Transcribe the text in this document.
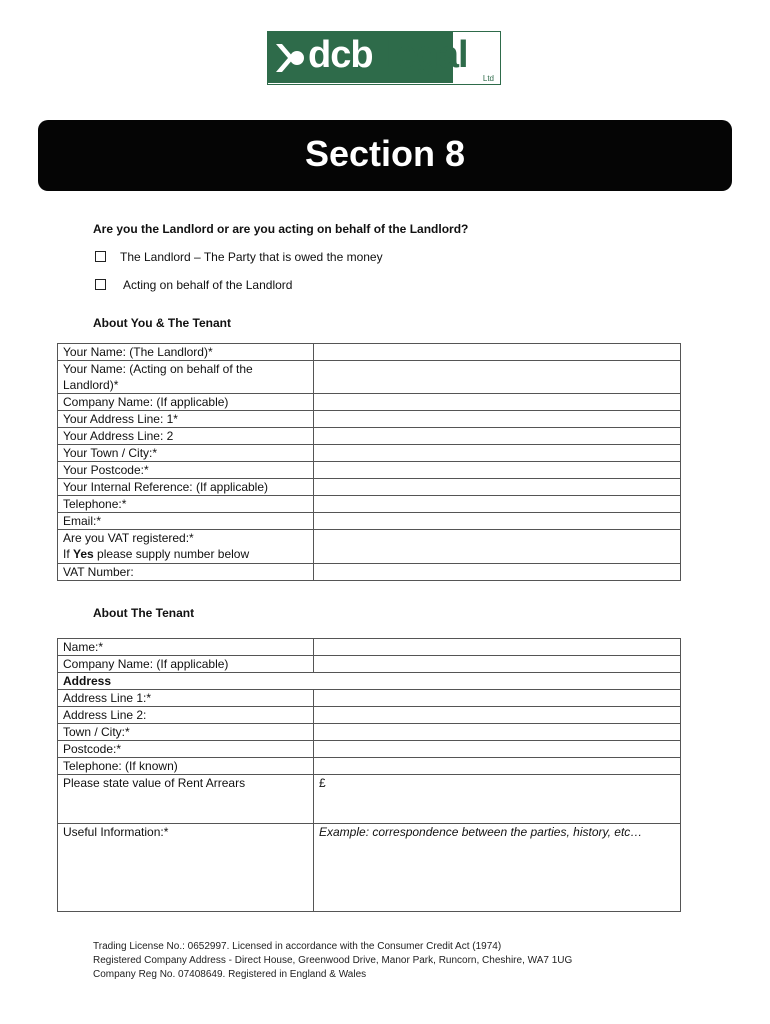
dcb legal
Ltd
Section 8
Are you the Landlord or are you acting on behalf of the Landlord?
The Landlord – The Party that is owed the money
Acting on behalf of the Landlord
About You & The Tenant
Your Name: (The Landlord)*	
Your Name: (Acting on behalf of the Landlord)*	
Company Name: (If applicable)	
Your Address Line: 1*	
Your Address Line: 2	
Your Town / City:*	
Your Postcode:*	
Your Internal Reference: (If applicable)	
Telephone:*	
Email:*	

Are you VAT registered:*
If Yes please supply number below	

VAT Number:	
About The Tenant
Name:*	
Company Name: (If applicable)	
Address	
Address Line 1:*	
Address Line 2:	
Town / City:*	
Postcode:*	
Telephone: (If known)	
Please state value of Rent Arrears	£
Useful Information:*	Example: correspondence between the parties, history, etc…
Trading License No.: 0652997. Licensed in accordance with the Consumer Credit Act (1974)
Registered Company Address - Direct House, Greenwood Drive, Manor Park, Runcorn, Cheshire, WA7 1UG
Company Reg No. 07408649. Registered in England & Wales
